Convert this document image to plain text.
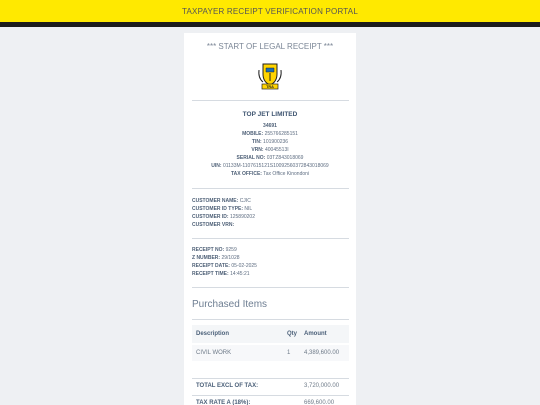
TAXPAYER RECEIPT VERIFICATION PORTAL
*** START OF LEGAL RECEIPT ***
TRA
TOP JET LIMITED
34691
MOBILE: 255766285151
TIN: 101900236
VRN: 40045513I
SERIAL NO: 03TZ843018069
UIN: 01133M-1107615121S10092560372843018069
TAX OFFICE: Tax Office Kinondoni
CUSTOMER NAME: CJIC
CUSTOMER ID TYPE: NIL
CUSTOMER ID: 125890202
CUSTOMER VRN:
RECEIPT NO: 9259
Z NUMBER: 29/1028
RECEIPT DATE: 05-02-2025
RECEIPT TIME: 14:45:21
Purchased Items
Description	Qty Amount
CIVIL WORK	1 4,389,600.00
TOTAL EXCL OF TAX:	3,720,000.00
TAX RATE A (18%):	669,600.00
